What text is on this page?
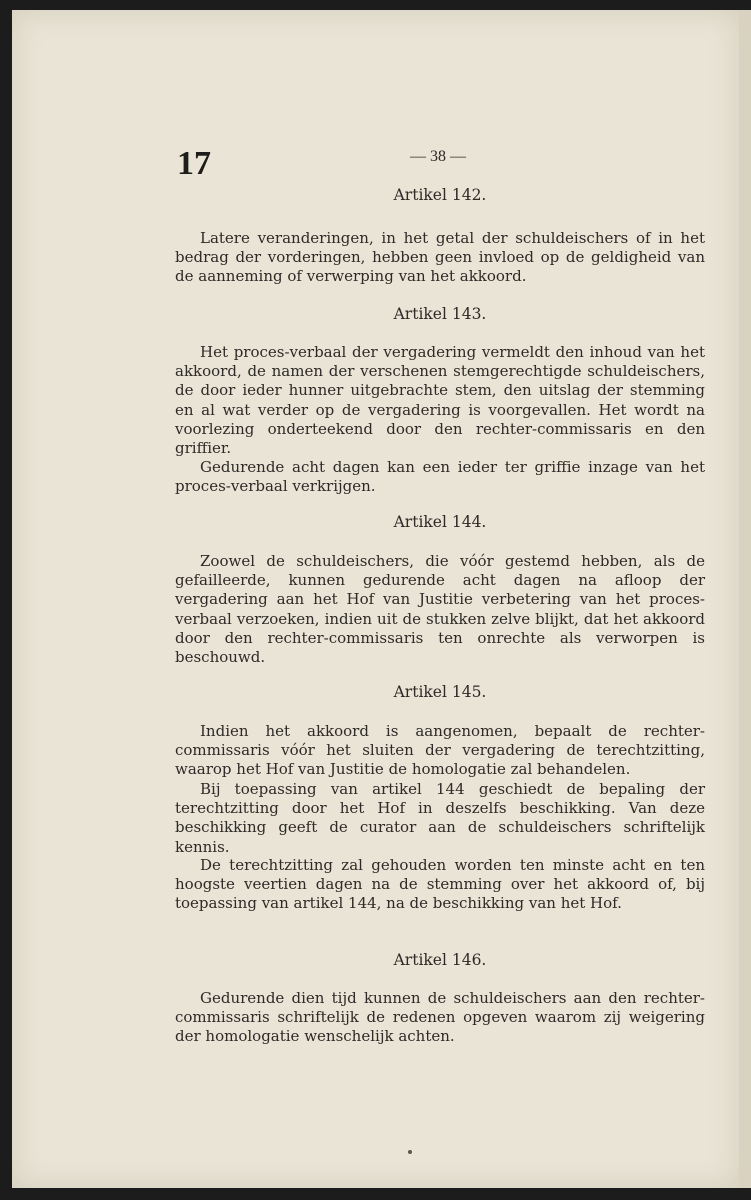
17	— 38 —
Artikel 142.

Latere veranderingen, in het getal der schuldeischers of in het bedrag der vorderingen, hebben geen invloed op de geldigheid van de aanneming of verwerping van het akkoord.

Artikel 143.

Het proces-verbaal der vergadering vermeldt den inhoud van het akkoord, de namen der verschenen stemgerechtigde schuldeischers, de door ieder hunner uitgebrachte stem, den uitslag der stemming en al wat verder op de vergadering is voorgevallen. Het wordt na voorlezing onderteekend door den rechter-commissaris en den griffier.

Gedurende acht dagen kan een ieder ter griffie inzage van het proces-verbaal verkrijgen.

Artikel 144.

Zoowel de schuldeischers, die vóór gestemd hebben, als de gefailleerde, kunnen gedurende acht dagen na afloop der vergadering aan het Hof van Justitie verbetering van het proces-verbaal verzoeken, indien uit de stukken zelve blijkt, dat het akkoord door den rechter-commissaris ten onrechte als verworpen is beschouwd.

Artikel 145.

Indien het akkoord is aangenomen, bepaalt de rechter-commissaris vóór het sluiten der vergadering de terechtzitting, waarop het Hof van Justitie de homologatie zal behandelen.

Bij toepassing van artikel 144 geschiedt de bepaling der terechtzitting door het Hof in deszelfs beschikking. Van deze beschikking geeft de curator aan de schuldeischers schriftelijk kennis.

De terechtzitting zal gehouden worden ten minste acht en ten hoogste veertien dagen na de stemming over het akkoord of, bij toepassing van artikel 144, na de beschikking van het Hof.

Artikel 146.

Gedurende dien tijd kunnen de schuldeischers aan den rechter-commissaris schriftelijk de redenen opgeven waarom zij weigering der homologatie wenschelijk achten.
